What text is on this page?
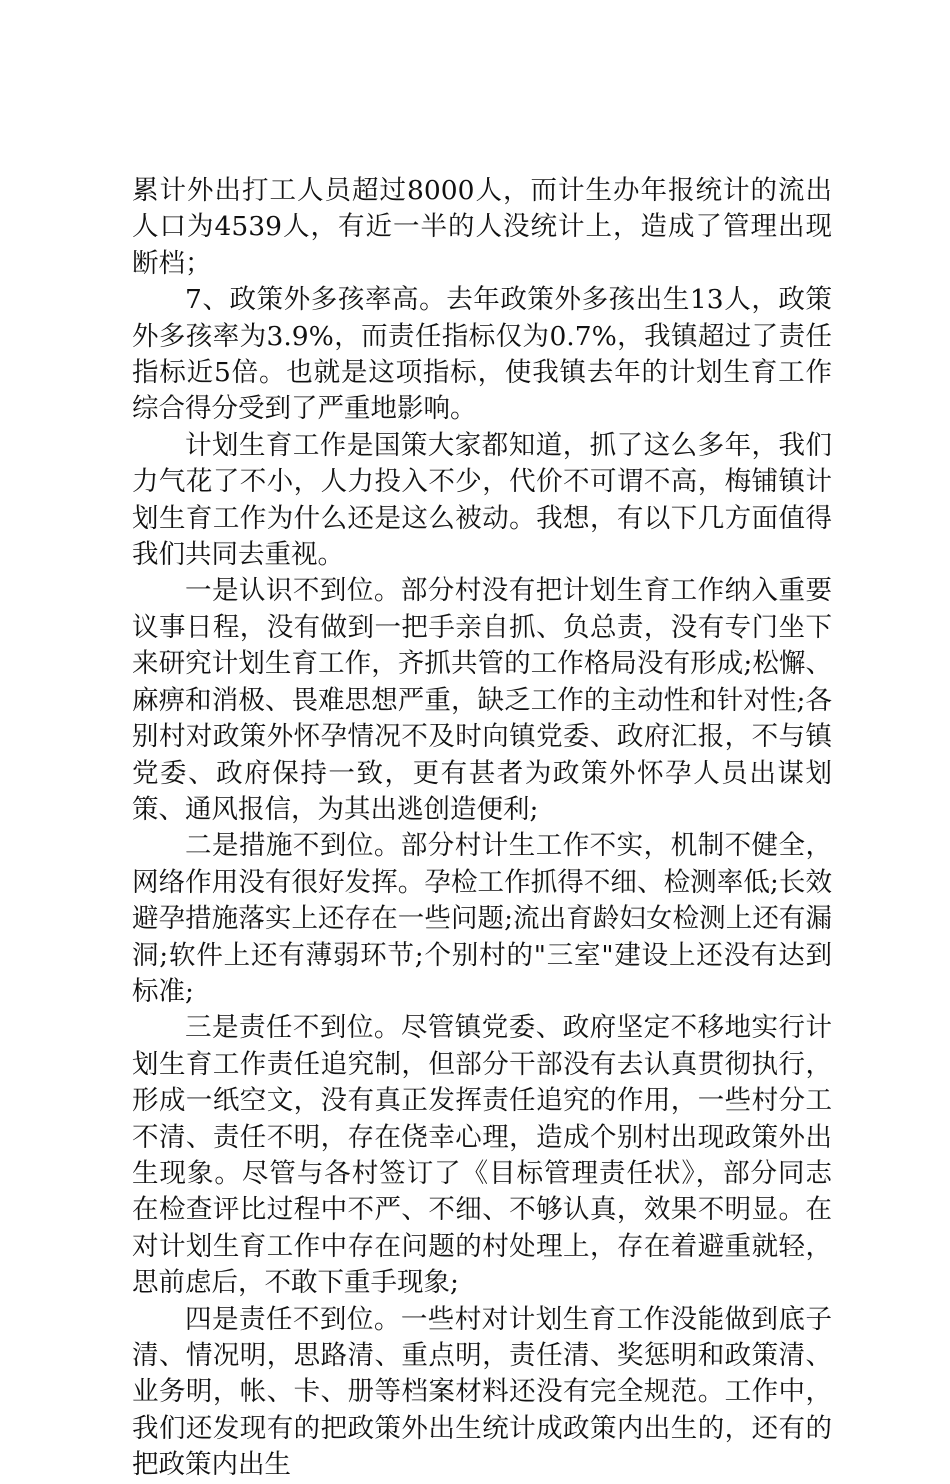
累计外出打工人员超过8000人，而计生办年报统计的流出人口为4539人，有近一半的人没统计上，造成了管理出现断档；

7、政策外多孩率高。去年政策外多孩出生13人，政策外多孩率为3.9%，而责任指标仅为0.7%，我镇超过了责任指标近5倍。也就是这项指标，使我镇去年的计划生育工作综合得分受到了严重地影响。

计划生育工作是国策大家都知道，抓了这么多年，我们力气花了不小，人力投入不少，代价不可谓不高，梅铺镇计划生育工作为什么还是这么被动。我想，有以下几方面值得我们共同去重视。

一是认识不到位。部分村没有把计划生育工作纳入重要议事日程，没有做到一把手亲自抓、负总责，没有专门坐下来研究计划生育工作，齐抓共管的工作格局没有形成;松懈、麻痹和消极、畏难思想严重，缺乏工作的主动性和针对性;各别村对政策外怀孕情况不及时向镇党委、政府汇报，不与镇党委、政府保持一致，更有甚者为政策外怀孕人员出谋划策、通风报信，为其出逃创造便利;

二是措施不到位。部分村计生工作不实，机制不健全，网络作用没有很好发挥。孕检工作抓得不细、检测率低;长效避孕措施落实上还存在一些问题;流出育龄妇女检测上还有漏洞;软件上还有薄弱环节;个别村的"三室"建设上还没有达到标准;

三是责任不到位。尽管镇党委、政府坚定不移地实行计划生育工作责任追究制，但部分干部没有去认真贯彻执行，形成一纸空文，没有真正发挥责任追究的作用，一些村分工不清、责任不明，存在侥幸心理，造成个别村出现政策外出生现象。尽管与各村签订了《目标管理责任状》，部分同志在检查评比过程中不严、不细、不够认真，效果不明显。在对计划生育工作中存在问题的村处理上，存在着避重就轻，思前虑后，不敢下重手现象;

四是责任不到位。一些村对计划生育工作没能做到底子清、情况明，思路清、重点明，责任清、奖惩明和政策清、业务明，帐、卡、册等档案材料还没有完全规范。工作中，我们还发现有的把政策外出生统计成政策内出生的，还有的把政策内出生
